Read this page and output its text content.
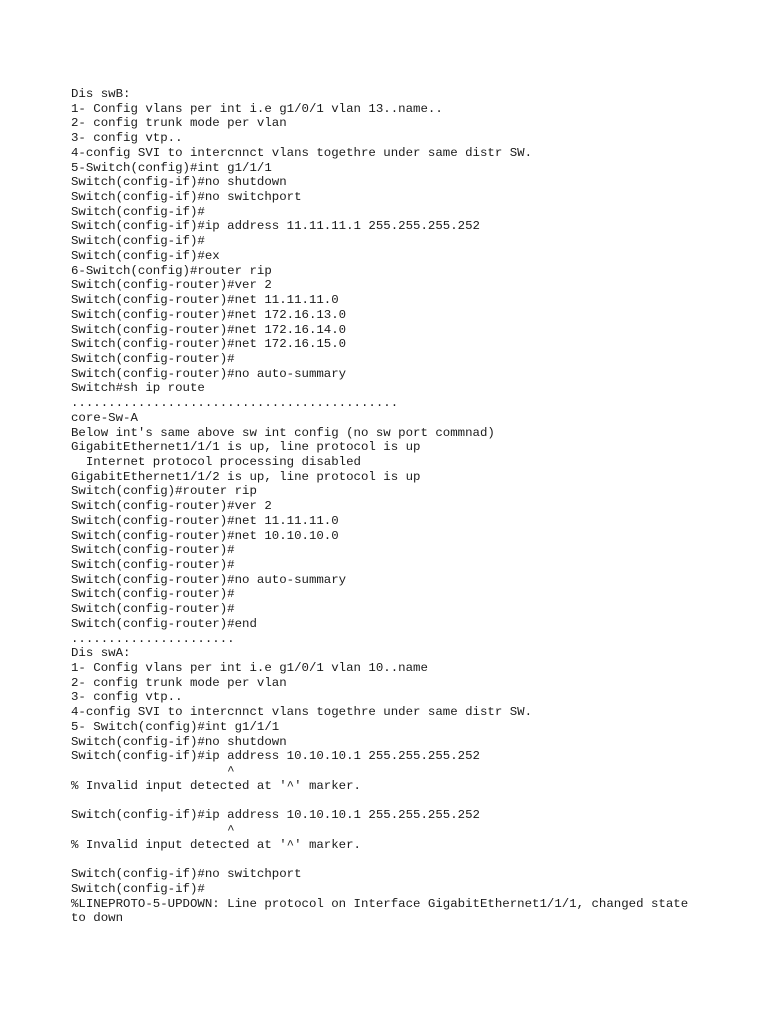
Dis swB:
1- Config vlans per int i.e g1/0/1 vlan 13..name..
2- config trunk mode per vlan
3- config vtp..
4-config SVI to intercnnct vlans togethre under same distr SW.
5-Switch(config)#int g1/1/1
Switch(config-if)#no shutdown
Switch(config-if)#no switchport
Switch(config-if)#
Switch(config-if)#ip address 11.11.11.1 255.255.255.252
Switch(config-if)#
Switch(config-if)#ex
6-Switch(config)#router rip
Switch(config-router)#ver 2
Switch(config-router)#net 11.11.11.0
Switch(config-router)#net 172.16.13.0
Switch(config-router)#net 172.16.14.0
Switch(config-router)#net 172.16.15.0
Switch(config-router)#
Switch(config-router)#no auto-summary
Switch#sh ip route
............................................
core-Sw-A
Below int's same above sw int config (no sw port commnad)
GigabitEthernet1/1/1 is up, line protocol is up
Internet protocol processing disabled
GigabitEthernet1/1/2 is up, line protocol is up
Switch(config)#router rip
Switch(config-router)#ver 2
Switch(config-router)#net 11.11.11.0
Switch(config-router)#net 10.10.10.0
Switch(config-router)#
Switch(config-router)#
Switch(config-router)#no auto-summary
Switch(config-router)#
Switch(config-router)#
Switch(config-router)#end
......................
Dis swA:
1- Config vlans per int i.e g1/0/1 vlan 10..name
2- config trunk mode per vlan
3- config vtp..
4-config SVI to intercnnct vlans togethre under same distr SW.
5- Switch(config)#int g1/1/1
Switch(config-if)#no shutdown
Switch(config-if)#ip address 10.10.10.1 255.255.255.252
^
% Invalid input detected at '^' marker.
Switch(config-if)#ip address 10.10.10.1 255.255.255.252
^
% Invalid input detected at '^' marker.
Switch(config-if)#no switchport
Switch(config-if)#
%LINEPROTO-5-UPDOWN: Line protocol on Interface GigabitEthernet1/1/1, changed state
to down
